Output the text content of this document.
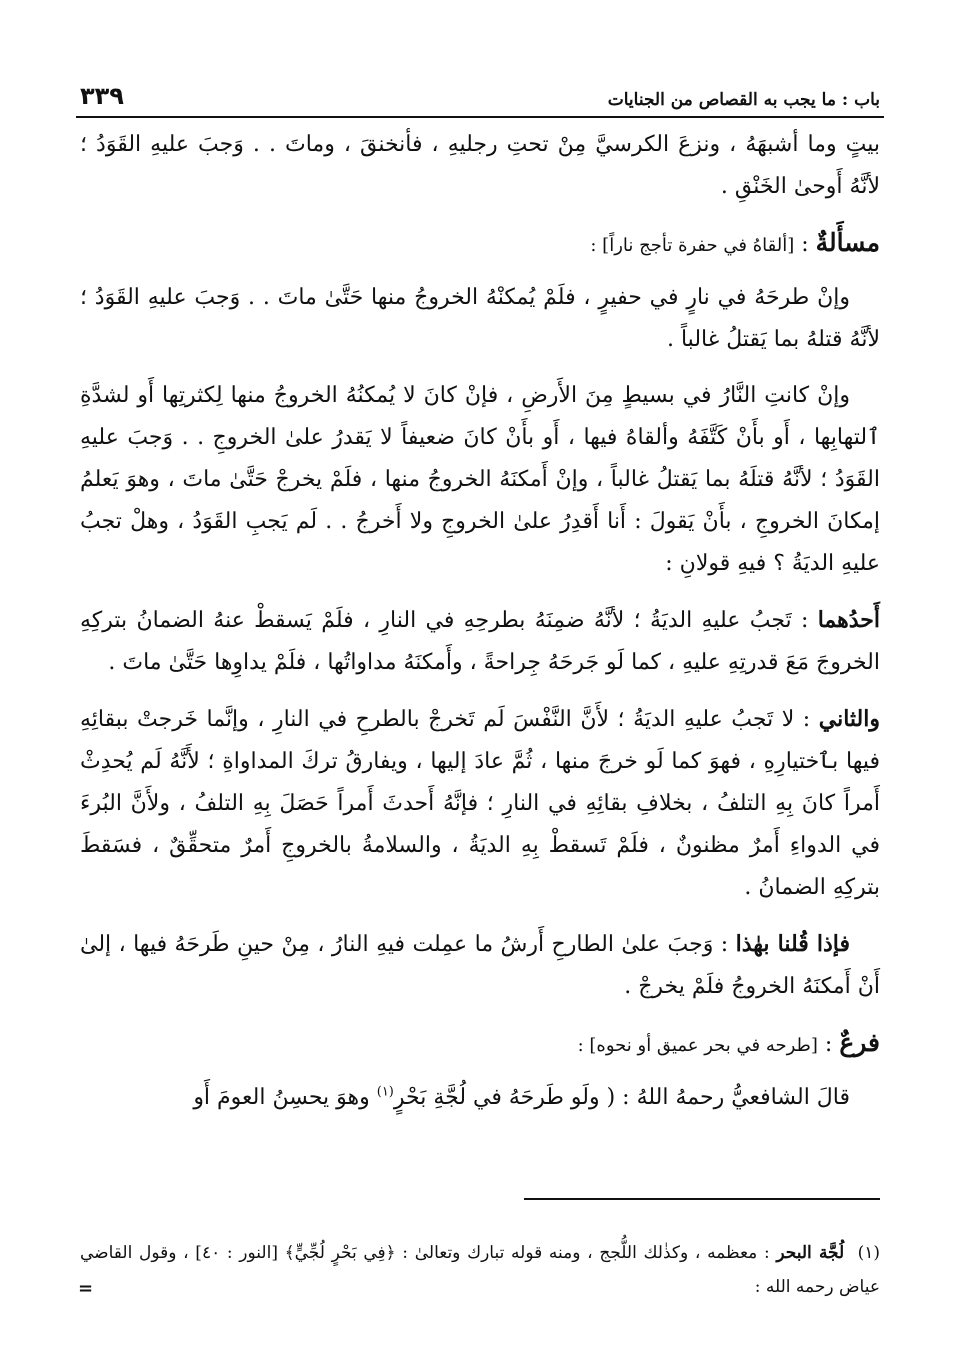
باب : ما يجب به القصاص من الجنايات
٣٣٩

بيتٍ وما أشبهَهُ ، ونزعَ الكرسيَّ مِنْ تحتِ رجليهِ ، فأنخنقَ ، وماتَ . . وَجبَ عليهِ القَوَدُ ؛ لأنَّهُ أَوحىٰ الخَنْقِ .

مسأَلةٌ : [ألقاهُ في حفرة تأجج ناراً] :

وإنْ طرحَهُ في نارٍ في حفيرٍ ، فلَمْ يُمكنْهُ الخروجُ منها حَتَّىٰ ماتَ . . وَجبَ عليهِ القَوَدُ ؛ لأنَّهُ قتلهُ بما يَقتلُ غالباً .

وإنْ كانتِ النَّارُ في بسيطٍ مِنَ الأَرضِ ، فإنْ كانَ لا يُمكنُهُ الخروجُ منها لِكثرتِها أَو لشدَّةِ ٱلتهابِها ، أَو بأَنْ كَتَّفَهُ وألقاهُ فيها ، أَو بأَنْ كانَ ضعيفاً لا يَقدرُ علىٰ الخروجِ . . وَجبَ عليهِ القَوَدُ ؛ لأنَّهُ قتلَهُ بما يَقتلُ غالباً ، وإنْ أَمكنَهُ الخروجُ منها ، فلَمْ يخرجْ حَتَّىٰ ماتَ ، وهوَ يَعلمُ إمكانَ الخروجِ ، بأَنْ يَقولَ : أَنا أَقدِرُ علىٰ الخروجِ ولا أَخرجُ . . لَم يَجبِ القَوَدُ ، وهلْ تجبُ عليهِ الديَةُ ؟ فيهِ قولانِ :

أَحدُهما : تَجبُ عليهِ الديَةُ ؛ لأنَّهُ ضمِنَهُ بطرحِهِ في النارِ ، فلَمْ يَسقطْ عنهُ الضمانُ بتركِهِ الخروجَ مَعَ قدرتِهِ عليهِ ، كما لَو جَرحَهُ جِراحةً ، وأَمكنَهُ مداواتُها ، فلَمْ يداوِها حَتَّىٰ ماتَ .

والثاني : لا تَجبُ عليهِ الديَةُ ؛ لأَنَّ النَّفْسَ لَم تَخرجْ بالطرحِ في النارِ ، وإنَّما خَرجتْ ببقائِهِ فيها بٱختيارِهِ ، فهوَ كما لَو خرجَ منها ، ثُمَّ عادَ إليها ، ويفارقُ تركَ المداواةِ ؛ لأَنَّهُ لَم يُحدِثْ أَمراً كانَ بِهِ التلفُ ، بخلافِ بقائِهِ في النارِ ؛ فإنَّهُ أَحدثَ أَمراً حَصَلَ بِهِ التلفُ ، ولأَنَّ البُرءَ في الدواءِ أَمرٌ مظنونٌ ، فلَمْ تَسقطْ بِهِ الديَةُ ، والسلامةُ بالخروجِ أَمرٌ متحقِّقٌ ، فسَقطَ بتركِهِ الضمانُ .

فإذا قُلنا بهٰذا : وَجبَ علىٰ الطارحِ أَرشُ ما عمِلت فيهِ النارُ ، مِنْ حينِ طَرحَهُ فيها ، إلىٰ أَنْ أَمكنَهُ الخروجُ فلَمْ يخرجْ .

فرعٌ : [طرحه في بحر عميق أو نحوه] :

قالَ الشافعيُّ رحمهُ اللهُ : ( ولَو طَرحَهُ في لُجَّةِ بَحْرٍ$^{(١)}$ وهوَ يحسِنُ العومَ أَو

(١)  لُجَّة البحر : معظمه ، وكذٰلك اللُّجج ، ومنه قوله تبارك وتعالىٰ : ﴿فِي بَحْرٍ لُجِّيٍّ﴾ [النور : ٤٠] ، وقول القاضي عياض رحمه الله :
=
